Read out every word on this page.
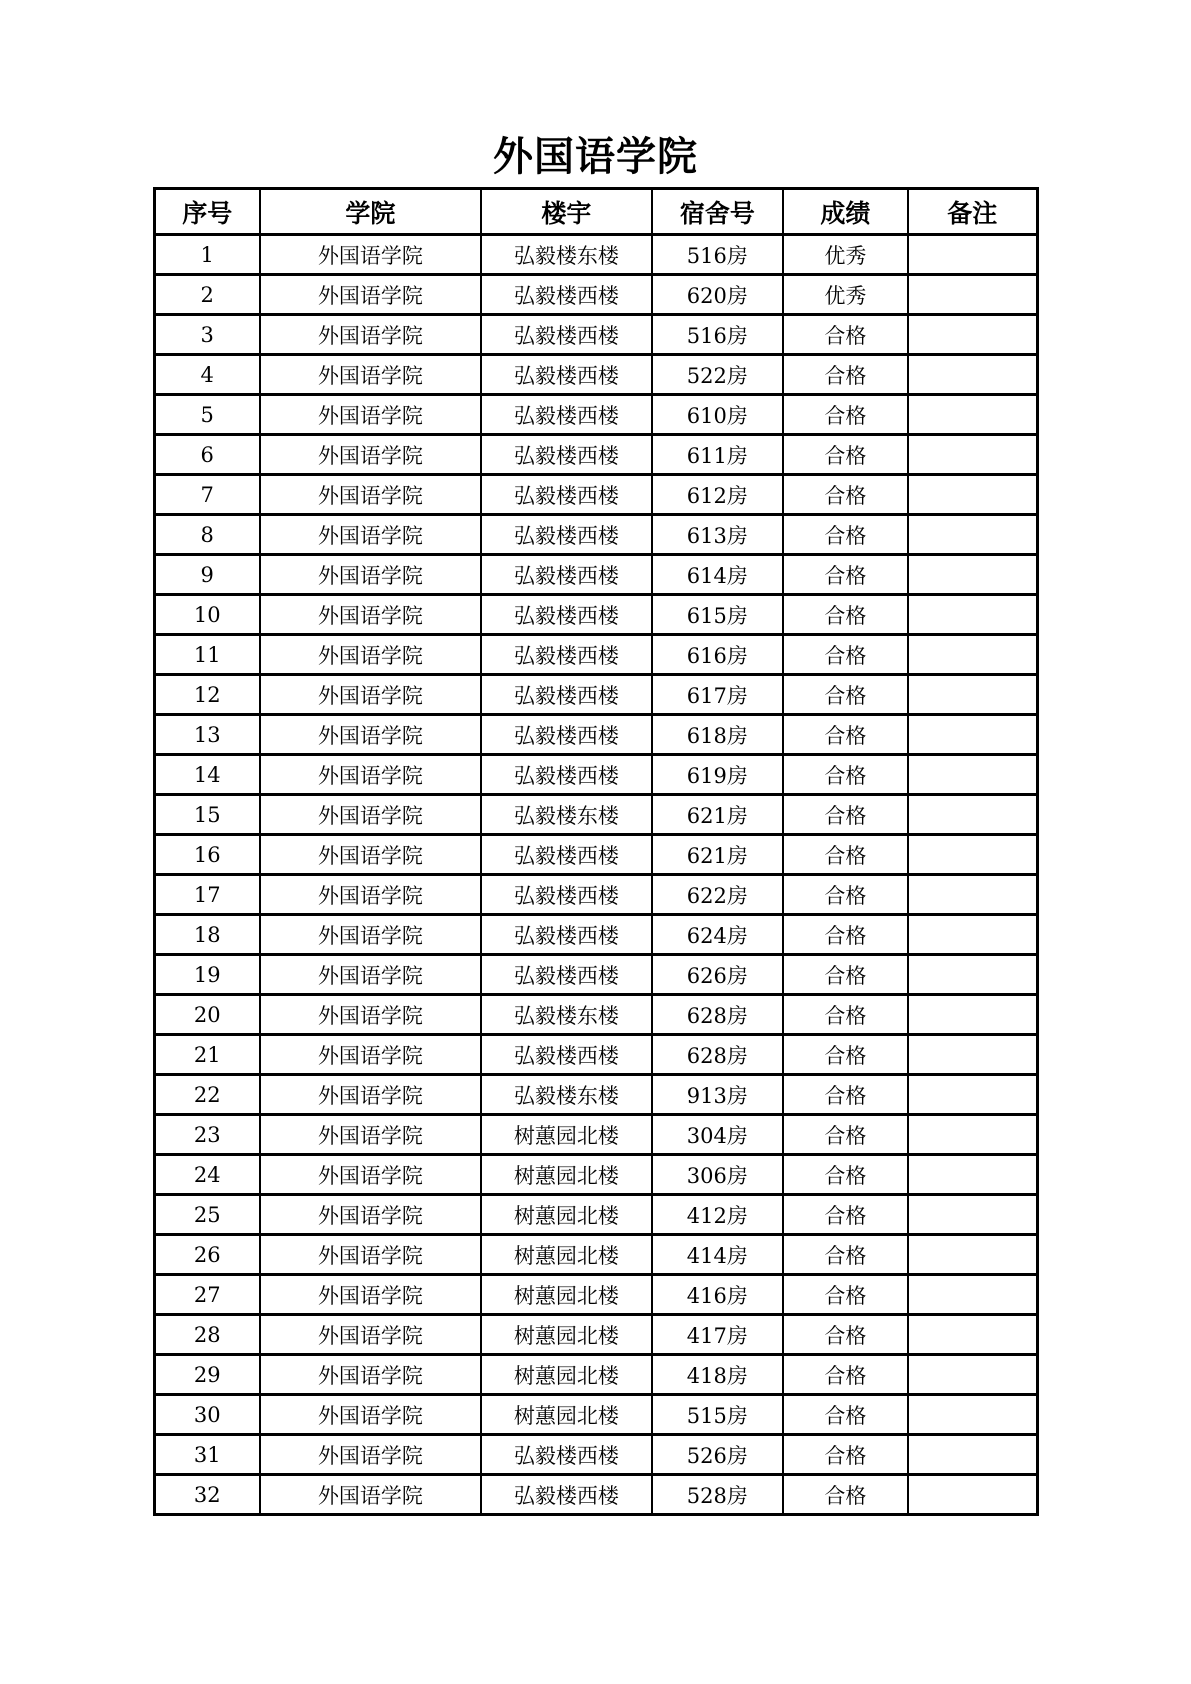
外国语学院
序号	学院	楼宇	宿舍号	成绩	备注
1	外国语学院	弘毅楼东楼	516房	优秀	
2	外国语学院	弘毅楼西楼	620房	优秀	
3	外国语学院	弘毅楼西楼	516房	合格	
4	外国语学院	弘毅楼西楼	522房	合格	
5	外国语学院	弘毅楼西楼	610房	合格	
6	外国语学院	弘毅楼西楼	611房	合格	
7	外国语学院	弘毅楼西楼	612房	合格	
8	外国语学院	弘毅楼西楼	613房	合格	
9	外国语学院	弘毅楼西楼	614房	合格	
10	外国语学院	弘毅楼西楼	615房	合格	
11	外国语学院	弘毅楼西楼	616房	合格	
12	外国语学院	弘毅楼西楼	617房	合格	
13	外国语学院	弘毅楼西楼	618房	合格	
14	外国语学院	弘毅楼西楼	619房	合格	
15	外国语学院	弘毅楼东楼	621房	合格	
16	外国语学院	弘毅楼西楼	621房	合格	
17	外国语学院	弘毅楼西楼	622房	合格	
18	外国语学院	弘毅楼西楼	624房	合格	
19	外国语学院	弘毅楼西楼	626房	合格	
20	外国语学院	弘毅楼东楼	628房	合格	
21	外国语学院	弘毅楼西楼	628房	合格	
22	外国语学院	弘毅楼东楼	913房	合格	
23	外国语学院	树蕙园北楼	304房	合格	
24	外国语学院	树蕙园北楼	306房	合格	
25	外国语学院	树蕙园北楼	412房	合格	
26	外国语学院	树蕙园北楼	414房	合格	
27	外国语学院	树蕙园北楼	416房	合格	
28	外国语学院	树蕙园北楼	417房	合格	
29	外国语学院	树蕙园北楼	418房	合格	
30	外国语学院	树蕙园北楼	515房	合格	
31	外国语学院	弘毅楼西楼	526房	合格	
32	外国语学院	弘毅楼西楼	528房	合格	
